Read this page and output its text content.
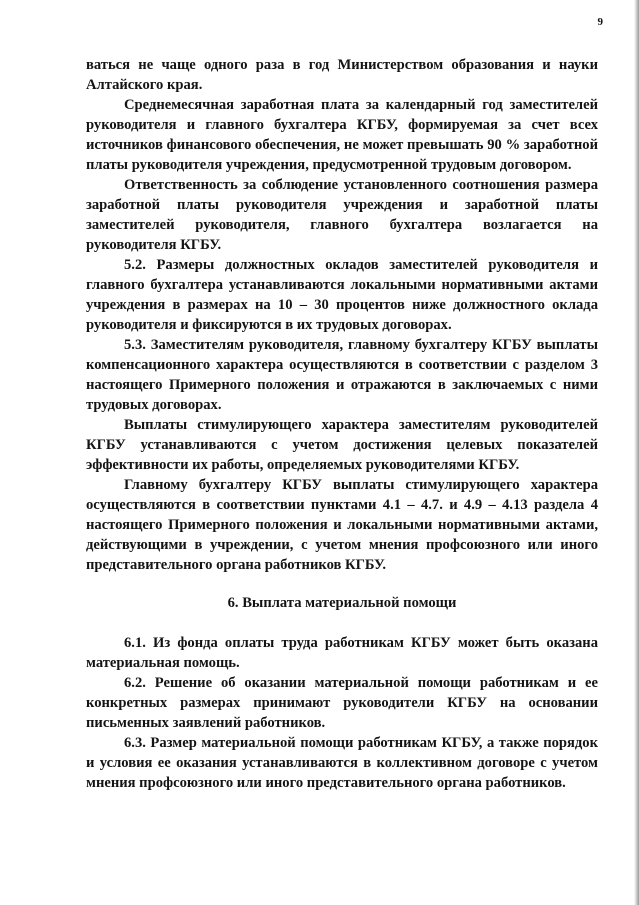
9

ваться не чаще одного раза в год Министерством образования и науки Алтайского края.

Среднемесячная заработная плата за календарный год заместителей руководителя и главного бухгалтера КГБУ, формируемая за счет всех источников финансового обеспечения, не может превышать 90 % заработной платы руководителя учреждения, предусмотренной трудовым договором.

Ответственность за соблюдение установленного соотношения размера заработной платы руководителя учреждения и заработной платы заместителей руководителя, главного бухгалтера возлагается на руководителя КГБУ.

5.2. Размеры должностных окладов заместителей руководителя и главного бухгалтера устанавливаются локальными нормативными актами учреждения в размерах на 10 – 30 процентов ниже должностного оклада руководителя и фиксируются в их трудовых договорах.

5.3. Заместителям руководителя, главному бухгалтеру КГБУ выплаты компенсационного характера осуществляются в соответствии с разделом 3 настоящего Примерного положения и отражаются в заключаемых с ними трудовых договорах.

Выплаты стимулирующего характера заместителям руководителей КГБУ устанавливаются с учетом достижения целевых показателей эффективности их работы, определяемых руководителями КГБУ.

Главному бухгалтеру КГБУ выплаты стимулирующего характера осуществляются в соответствии пунктами 4.1 – 4.7. и 4.9 – 4.13 раздела 4 настоящего Примерного положения и локальными нормативными актами, действующими в учреждении, с учетом мнения профсоюзного или иного представительного органа работников КГБУ.

6. Выплата материальной помощи

6.1. Из фонда оплаты труда работникам КГБУ может быть оказана материальная помощь.

6.2. Решение об оказании материальной помощи работникам и ее конкретных размерах принимают руководители КГБУ на основании письменных заявлений работников.

6.3. Размер материальной помощи работникам КГБУ, а также порядок и условия ее оказания устанавливаются в коллективном договоре с учетом мнения профсоюзного или иного представительного органа работников.
